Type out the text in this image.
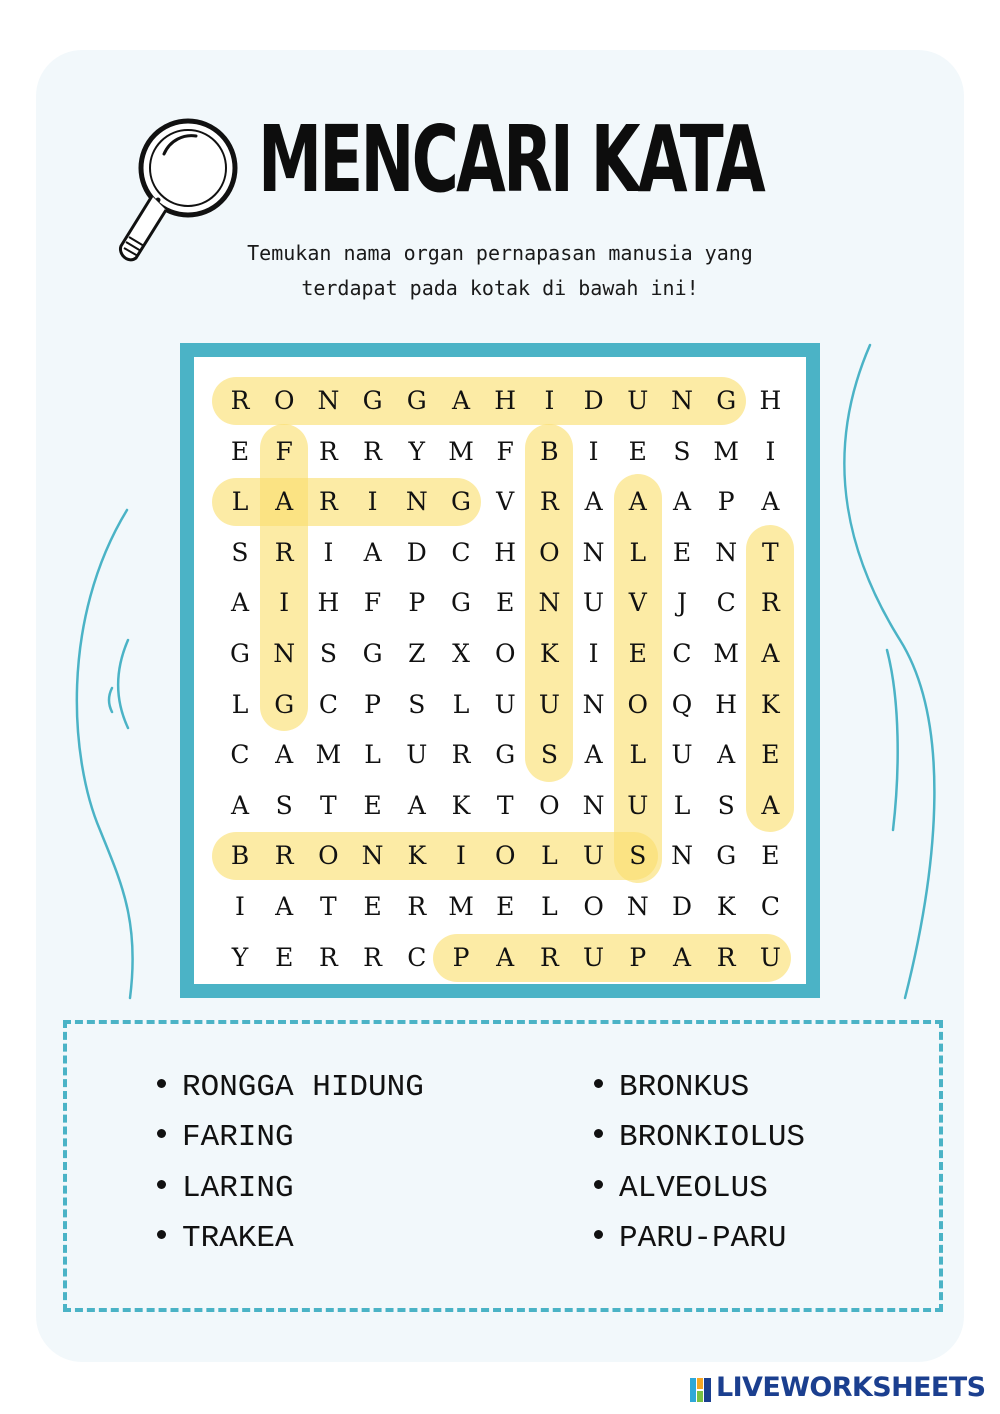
MENCARI KATA
Temukan nama organ pernapasan manusia yang
terdapat pada kotak di bawah ini!
R O N G G	A H	I	D U N G H
E	F	R	R	Y M F	B	I	E	S M	I
L	A	R	I	N G	V	R	A	A	A	P	A
S	R	I	A	D C H O N L	E N T
A	I	H F	P	G	E N U V	J	C	R
G N S	G	Z	X	O K	I	E	C M A
L	G C	P	S	L	U U N O Q H K
C	A M L	U R G	S	A	L	U A	E
A	S	T	E	A	K	T	O N U	L	S	A
B	R O N K	I	O	L	U	S N G	E
I	A	T	E	R M E	L	O N D K	C
Y	E	R	R	C	P	A	R U	P	A	R U
RONGGA HIDUNG
FARING
LARING
TRAKEA
BRONKUS
BRONKIOLUS
ALVEOLUS
PARU-PARU
LIVEWORKSHEETS
